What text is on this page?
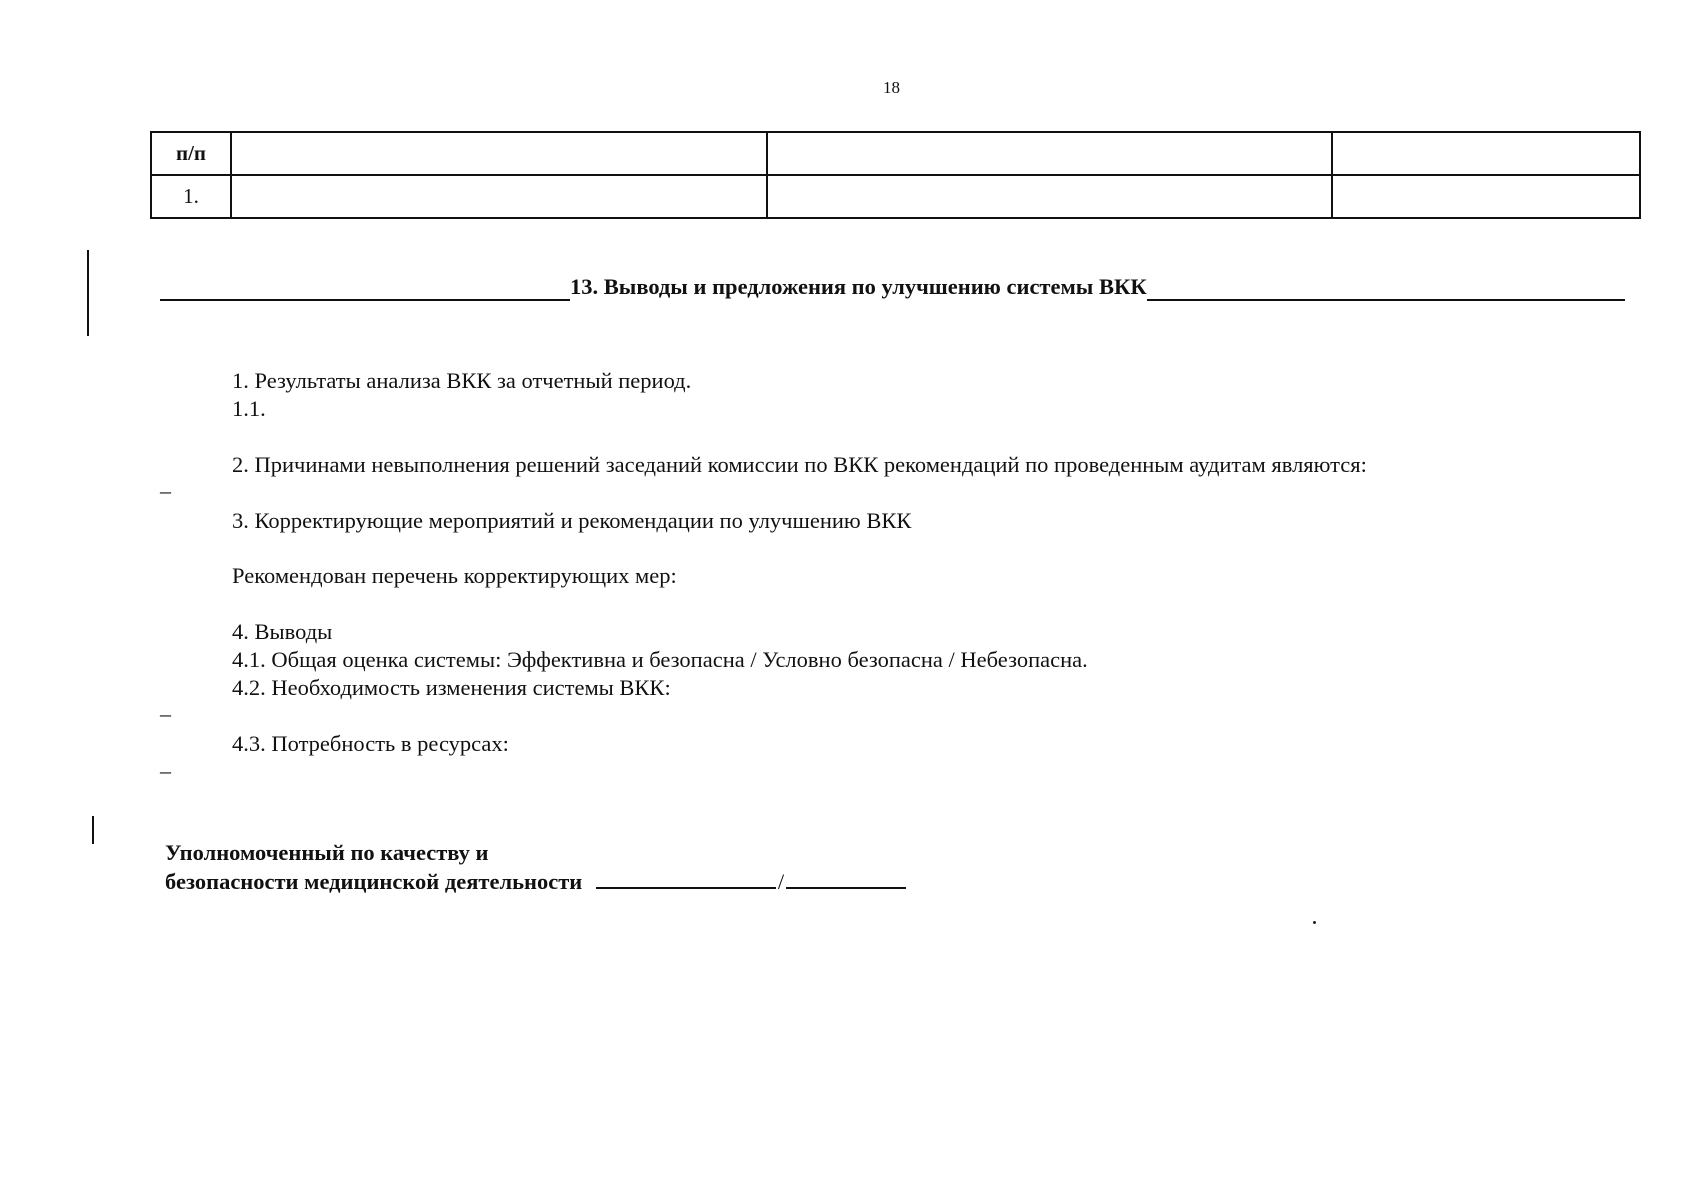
18
п/п			
1.			
13. Выводы и предложения по улучшению системы ВКК
1. Результаты анализа ВКК за отчетный период.
1.1.
2. Причинами невыполнения решений заседаний комиссии по ВКК рекомендаций по проведенным аудитам являются:
–
3. Корректирующие мероприятий и рекомендации по улучшению ВКК
Рекомендован перечень корректирующих мер:
4. Выводы
4.1. Общая оценка системы: Эффективна и безопасна / Условно безопасна / Небезопасна.
4.2. Необходимость изменения системы ВКК:
–
4.3. Потребность в ресурсах:
–
Уполномоченный по качеству и
безопасности медицинской деятельности	/
